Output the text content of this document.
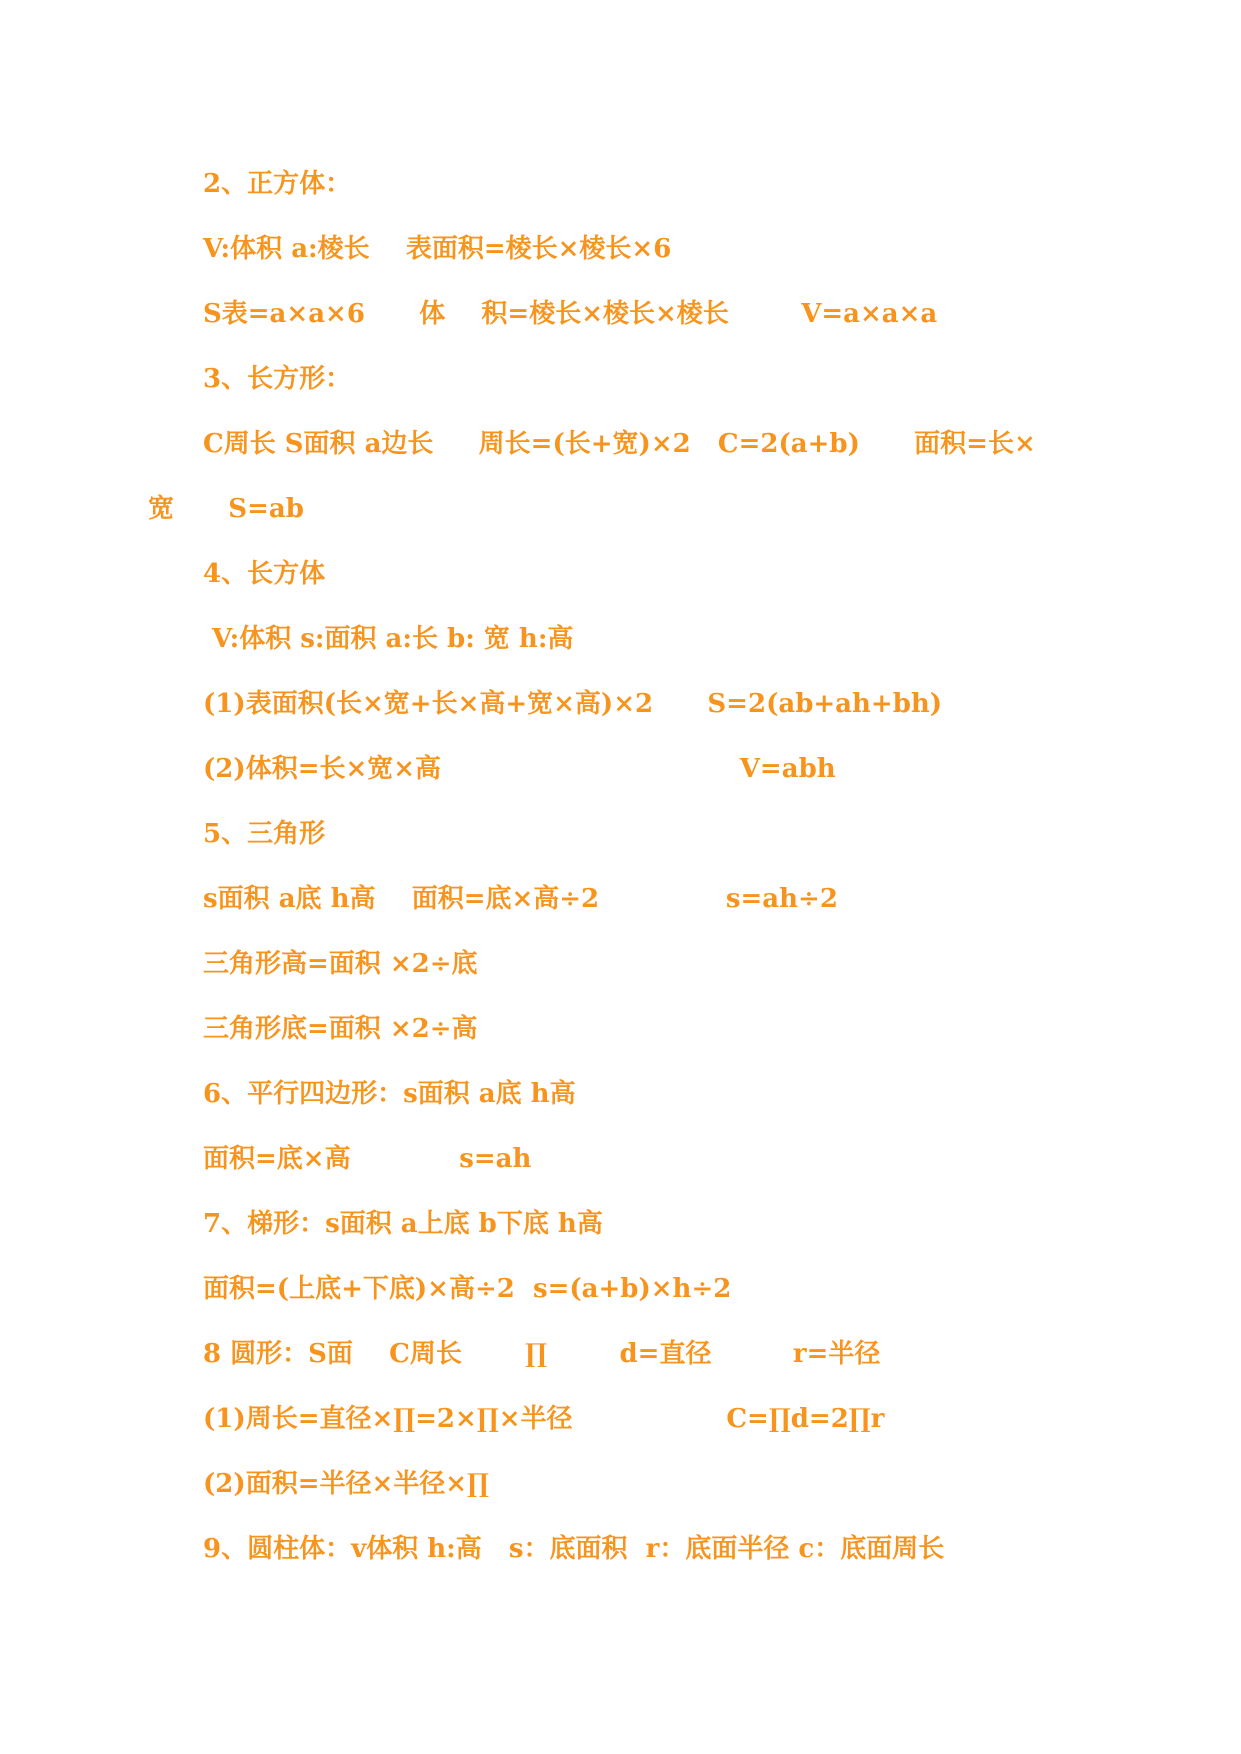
2、正方体：
V:体积 a:棱长    表面积=棱长×棱长×6
S表=a×a×6      体    积=棱长×棱长×棱长        V=a×a×a
3、长方形：
C周长 S面积 a边长     周长=(长+宽)×2   C=2(a+b)      面积=长×
宽      S=ab
4、长方体
V:体积 s:面积 a:长 b: 宽 h:高
(1)表面积(长×宽+长×高+宽×高)×2      S=2(ab+ah+bh)
(2)体积=长×宽×高                                 V=abh
5、三角形
s面积 a底 h高    面积=底×高÷2              s=ah÷2
三角形高=面积 ×2÷底
三角形底=面积 ×2÷高
6、平行四边形：s面积 a底 h高
面积=底×高            s=ah
7、梯形：s面积 a上底 b下底 h高
面积=(上底+下底)×高÷2  s=(a+b)×h÷2
8 圆形：S面    C周长       ∏        d=直径         r=半径
(1)周长=直径×∏=2×∏×半径                 C=∏d=2∏r
(2)面积=半径×半径×∏
9、圆柱体：v体积 h:高   s：底面积  r：底面半径 c：底面周长
